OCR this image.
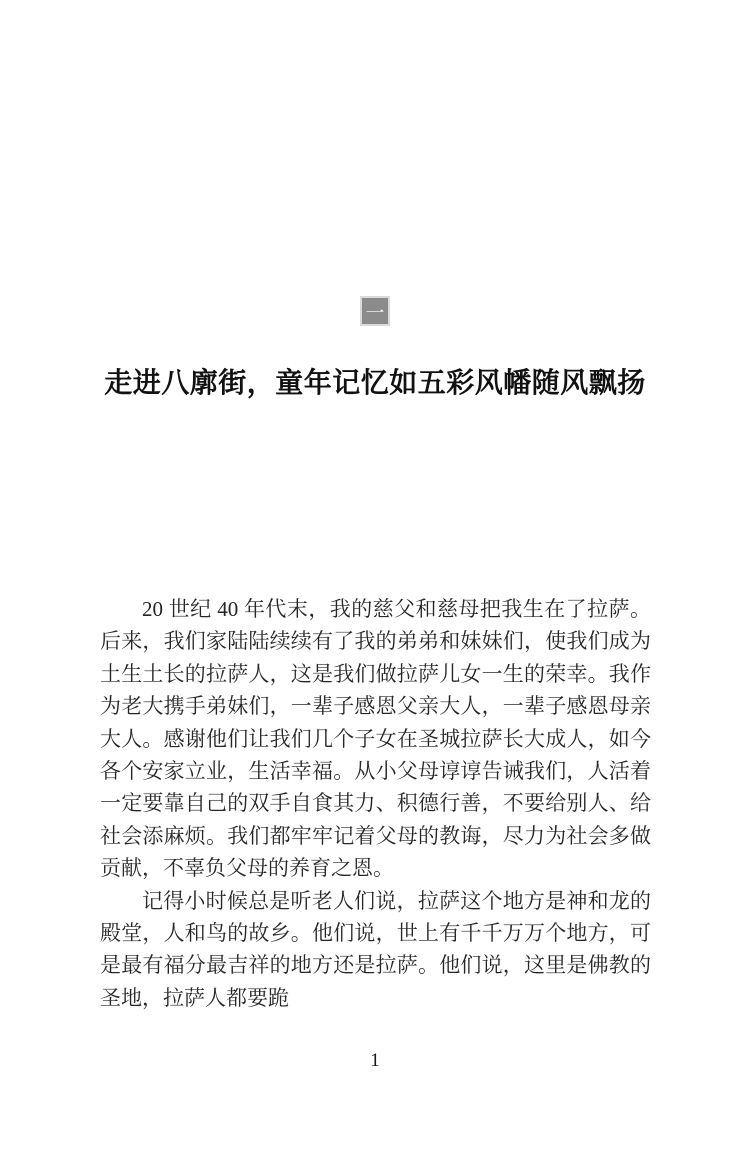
一
走进八廓街，童年记忆如五彩风幡随风飘扬

20 世纪 40 年代末，我的慈父和慈母把我生在了拉萨。后来，我们家陆陆续续有了我的弟弟和妹妹们，使我们成为土生土长的拉萨人，这是我们做拉萨儿女一生的荣幸。我作为老大携手弟妹们，一辈子感恩父亲大人，一辈子感恩母亲大人。感谢他们让我们几个子女在圣城拉萨长大成人，如今各个安家立业，生活幸福。从小父母谆谆告诫我们，人活着一定要靠自己的双手自食其力、积德行善，不要给别人、给社会添麻烦。我们都牢牢记着父母的教诲，尽力为社会多做贡献，不辜负父母的养育之恩。

记得小时候总是听老人们说，拉萨这个地方是神和龙的殿堂，人和鸟的故乡。他们说，世上有千千万万个地方，可是最有福分最吉祥的地方还是拉萨。他们说，这里是佛教的圣地，拉萨人都要跪

1
